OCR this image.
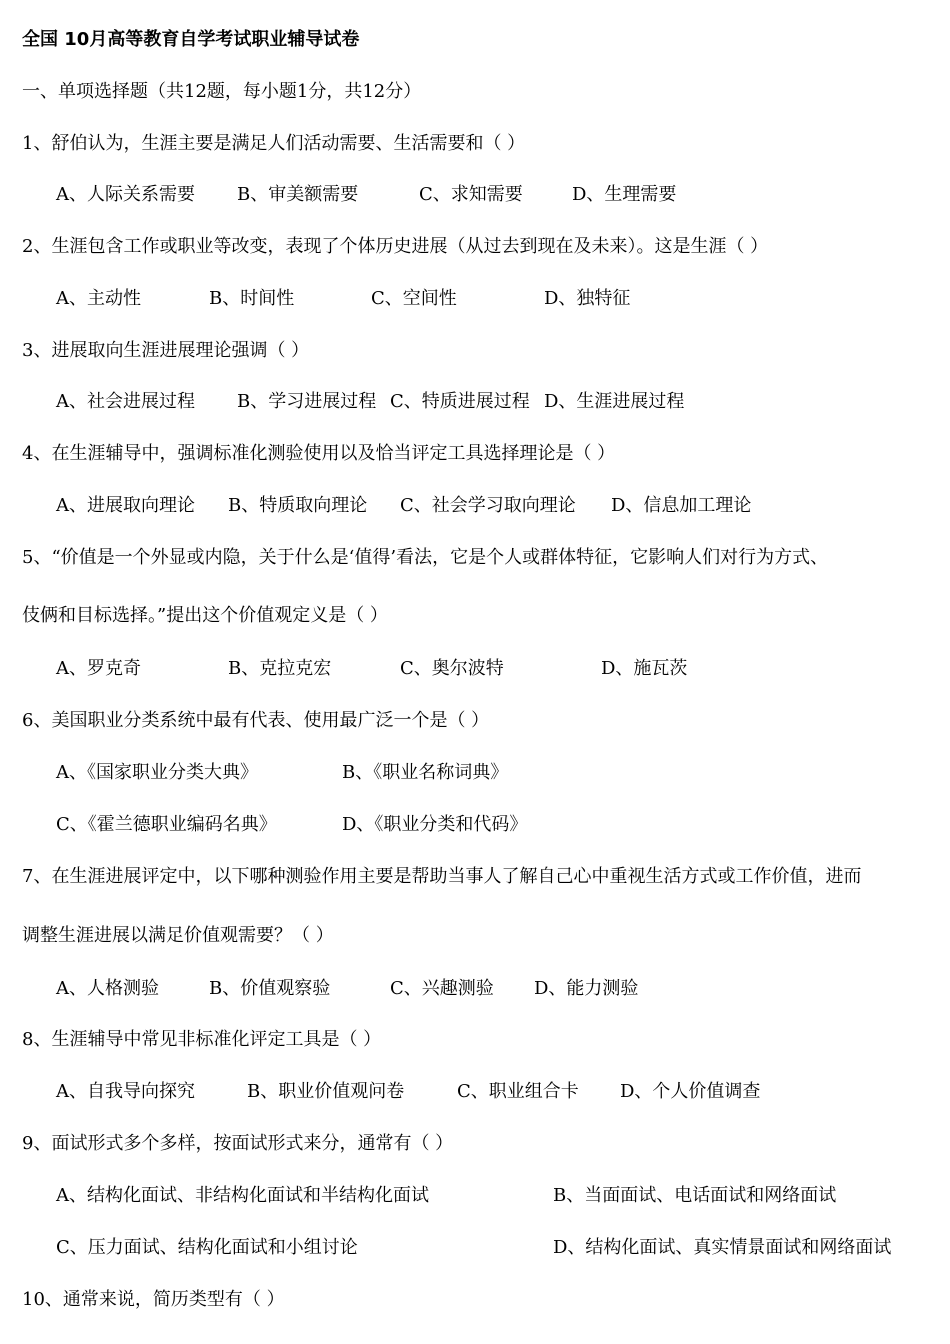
全国 10月高等教育自学考试职业辅导试卷
一、单项选择题（共12题，每小题1分，共12分）
1、舒伯认为，生涯主要是满足人们活动需要、生活需要和（ ）
A、人际关系需要 B、审美额需要	C、求知需要	D、生理需要
2、生涯包含工作或职业等改变，表现了个体历史进展（从过去到现在及未来）。这是生涯（ ）
A、主动性	B、时间性	C、空间性	D、独特征
3、进展取向生涯进展理论强调（ ）
A、社会进展过程 B、学习进展过程 C、特质进展过程 D、生涯进展过程
4、在生涯辅导中，强调标准化测验使用以及恰当评定工具选择理论是（ ）
A、进展取向理论 B、特质取向理论 C、社会学习取向理论 D、信息加工理论
5、“价值是一个外显或内隐，关于什么是‘值得’看法，它是个人或群体特征，它影响人们对行为方式、
伎俩和目标选择。”提出这个价值观定义是（ ）
A、罗克奇	B、克拉克宏	C、奥尔波特	D、施瓦茨
6、美国职业分类系统中最有代表、使用最广泛一个是（ ）
A、《国家职业分类大典》	B、《职业名称词典》
C、《霍兰德职业编码名典》	D、《职业分类和代码》
7、在生涯进展评定中，以下哪种测验作用主要是帮助当事人了解自己心中重视生活方式或工作价值，进而
调整生涯进展以满足价值观需要？（ ）
A、人格测验	B、价值观察验	C、兴趣测验 D、能力测验
8、生涯辅导中常见非标准化评定工具是（ ）
A、自我导向探究	B、职业价值观问卷	C、职业组合卡 D、个人价值调查
9、面试形式多个多样，按面试形式来分，通常有（ ）
A、结构化面试、非结构化面试和半结构化面试	B、当面面试、电话面试和网络面试
C、压力面试、结构化面试和小组讨论	D、结构化面试、真实情景面试和网络面试
10、通常来说，简历类型有（ ）
